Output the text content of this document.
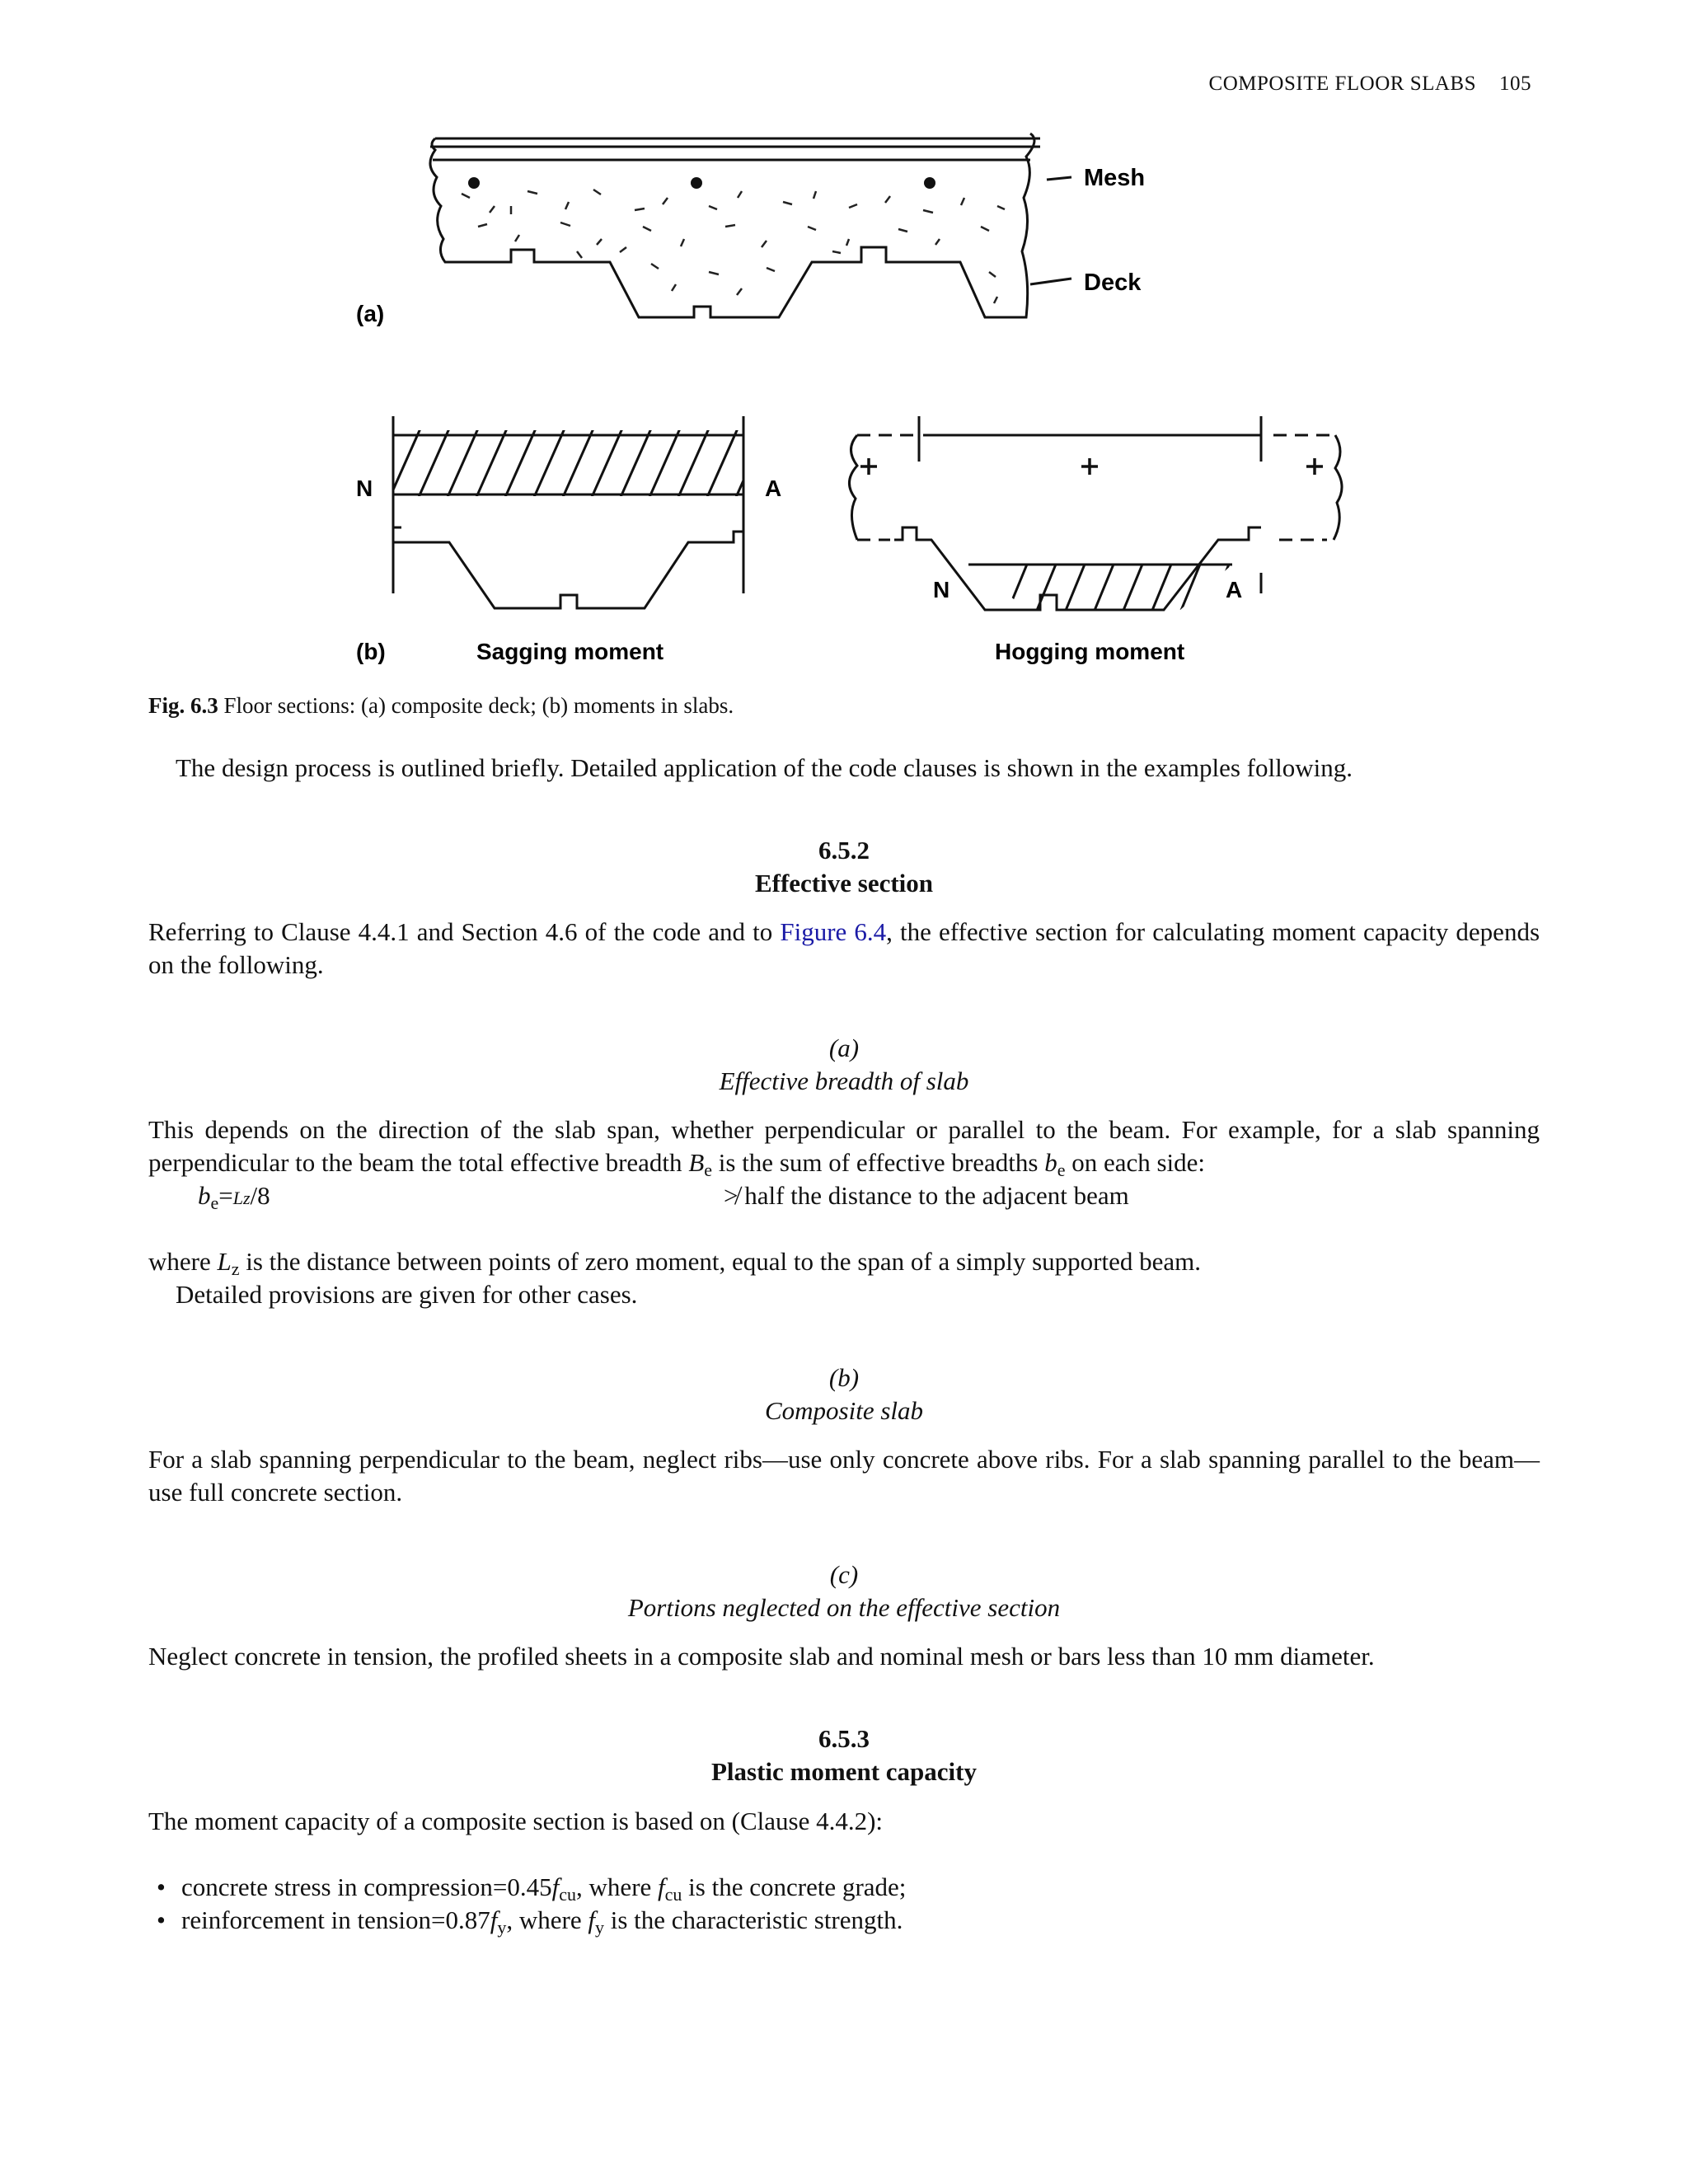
COMPOSITE FLOOR SLABS 105
(a)
Mesh
Deck
N	A
N	A
(b)	Sagging moment	Hogging moment
Fig. 6.3 Floor sections: (a) composite deck; (b) moments in slabs.
The design process is outlined briefly. Detailed application of the code clauses is shown in the examples following.
6.5.2
Effective section
Referring to Clause 4.4.1 and Section 4.6 of the code and to Figure 6.4, the effective section for calculating moment capacity depends on the following.
(a)
Effective breadth of slab
This depends on the direction of the slab span, whether perpendicular or parallel to the beam. For example, for a slab spanning perpendicular to the beam the total effective breadth $B_e$ is the sum of effective breadths $b_e$ on each side:
$b_e=Lz/8$	≯ half the distance to the adjacent beam
where $L_z$ is the distance between points of zero moment, equal to the span of a simply supported beam.
Detailed provisions are given for other cases.
(b)
Composite slab
For a slab spanning perpendicular to the beam, neglect ribs—use only concrete above ribs. For a slab spanning parallel to the beam—use full concrete section.
(c)
Portions neglected on the effective section
Neglect concrete in tension, the profiled sheets in a composite slab and nominal mesh or bars less than 10 mm diameter.
6.5.3
Plastic moment capacity
The moment capacity of a composite section is based on (Clause 4.4.2):
• concrete stress in $compression=0.45f_{cu}$, where $f_{cu}$ is the concrete grade;
• reinforcement in $tension=0.87f_y$, where $f_y$ is the characteristic strength.
